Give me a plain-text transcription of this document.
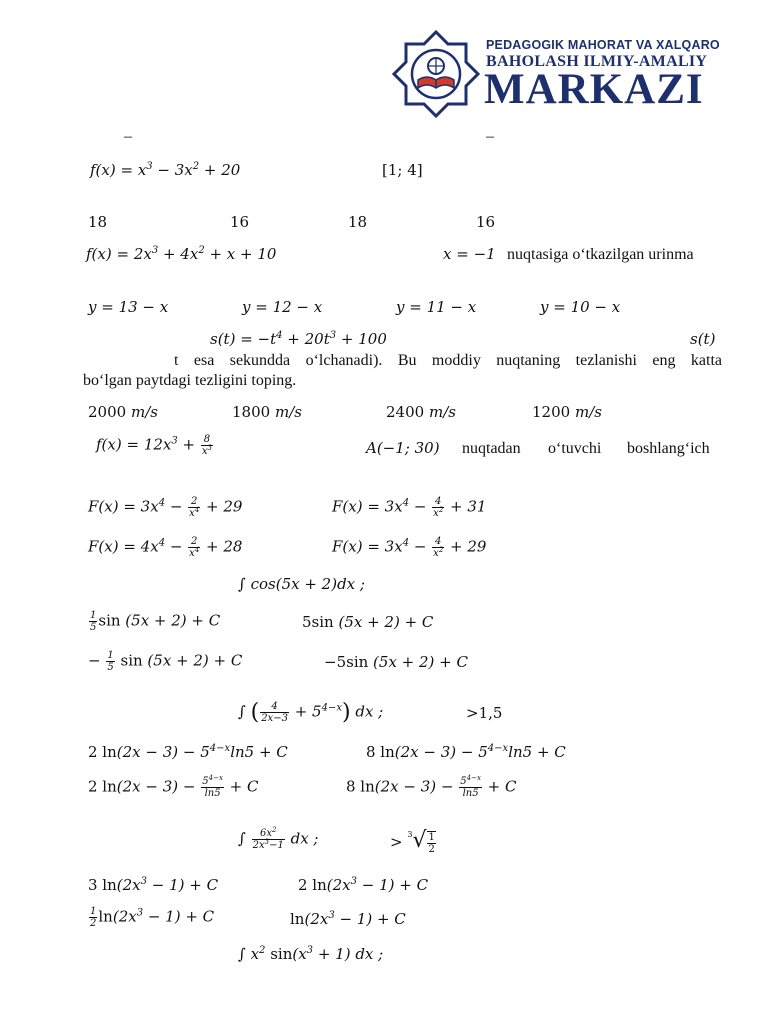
PEDAGOGIK MAHORAT VA XALQARO
BAHOLASH ILMIY-AMALIY
MARKAZI
–	–
$f(x) = x^3 - 3x^2 + 20$	[1; 4]
18	16	18	16
$f(x) = 2x^3 + 4x^2 + x + 10$	x = −1 nuqtasiga o‘tkazilgan urinma
y = 13 − x	y = 12 − x	y = 11 − x	y = 10 − x
$s(t) = -t^4 + 20t^3 + 100$	s(t)
t esa sekundda o‘lchanadi). Bu moddiy nuqtaning tezlanishi eng katta
bo‘lgan paytdagi tezligini toping.
2000 m/s	1800 m/s	2400 m/s	1200 m/s
$f(x) = 12x^3 + \frac{8}{x^3}$	A(−1; 30) nuqtadan o‘tuvchi boshlang‘ich
$F(x) = 3x^4 - \frac{2}{x^4} + 29$	$F(x) = 3x^4 - \frac{4}{x^2} + 31$
$F(x) = 4x^4 - \frac{2}{x^4} + 28$	$F(x) = 3x^4 - \frac{4}{x^2} + 29$
∫ cos(5x + 2)dx ;
$\frac{1}{5}$ sin (5x + 2) + C	5sin (5x + 2) + C
− $\frac{1}{5}$ sin (5x + 2) + C	−5sin (5x + 2) + C
∫ ( $\frac{4}{2x-3} + 5^{4-x}$) dx ;	>1,5
2 $\ln(2x - 3) - 5^{4-x}\ln 5 + C$	8 $\ln(2x - 3) - 5^{4-x}\ln 5 + C$
2 $\ln(2x - 3) - \frac{5^{4-x}}{\ln 5} + C$	8 $\ln(2x - 3) - \frac{5^{4-x}}{\ln 5} + C$
∫ $\frac{6x^2}{2x^3-1}$ dx ;	> $^3√ \frac{1}{2}$
3 $\ln(2x^3 - 1) + C$	2 $\ln(2x^3 - 1) + C$
$\frac{1}{2} \ln(2x^3 - 1) + C$	$\ln(2x^3 - 1) + C$
∫ $x^2$ $\sin(x^3 + 1)$ dx ;
